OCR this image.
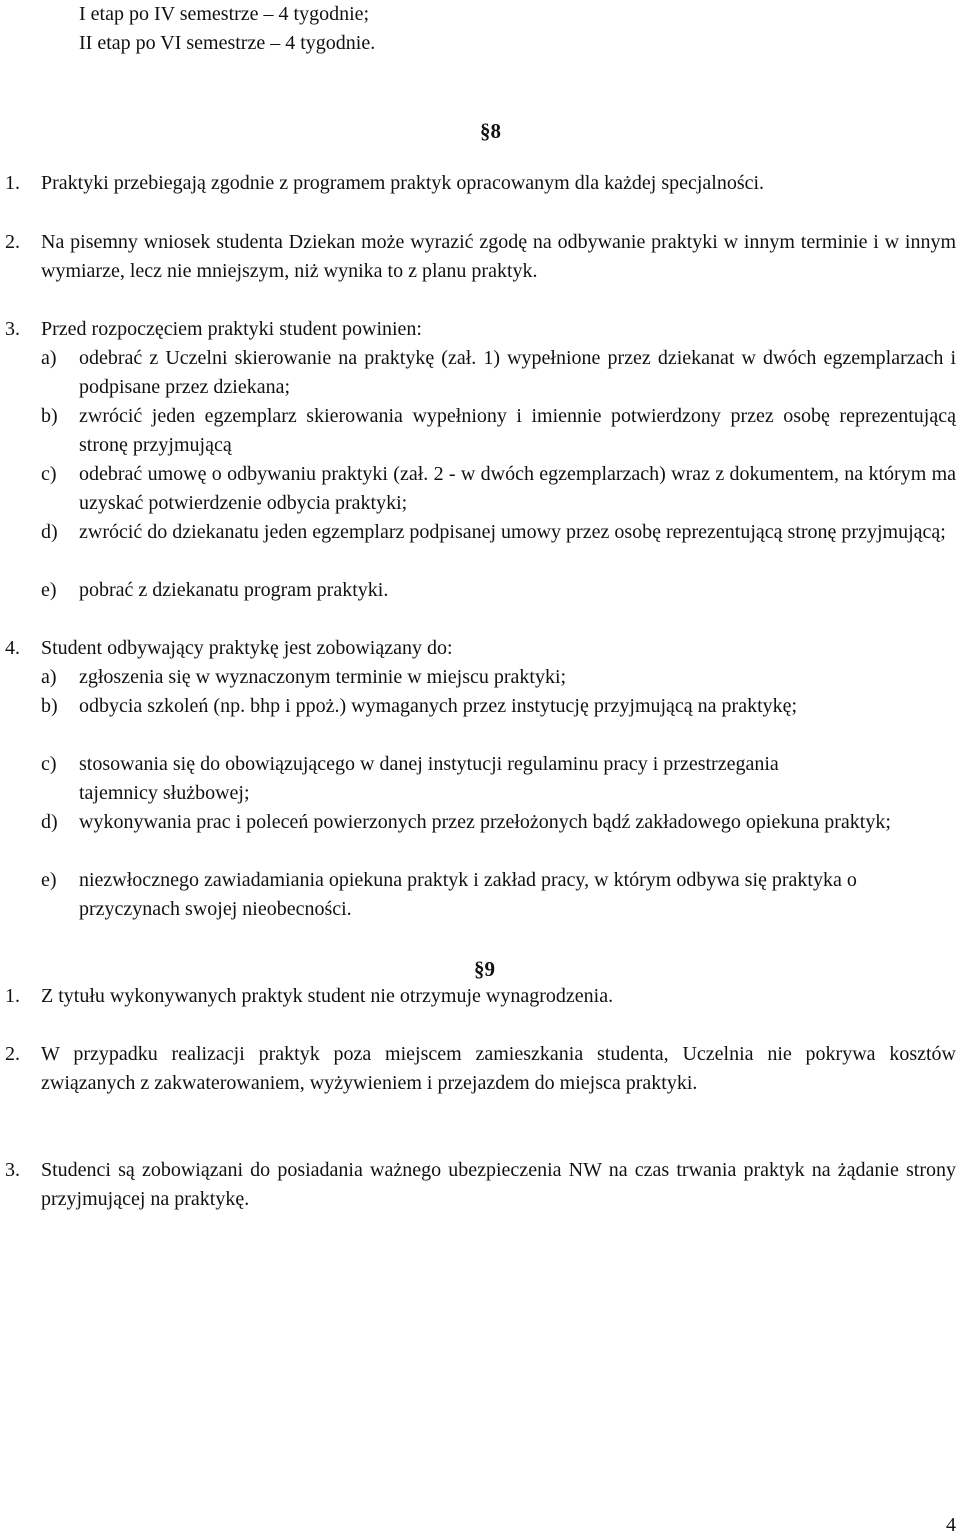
I etap po IV semestrze – 4 tygodnie;
II etap po VI semestrze – 4 tygodnie.
§8
1. Praktyki przebiegają zgodnie z programem praktyk opracowanym dla każdej specjalności.
2. Na pisemny wniosek studenta Dziekan może wyrazić zgodę na odbywanie praktyki w innym terminie i w innym wymiarze, lecz nie mniejszym, niż wynika to z planu praktyk.
3. Przed rozpoczęciem praktyki student powinien:
a)	odebrać z Uczelni skierowanie na praktykę (zał. 1) wypełnione przez dziekanat w dwóch egzemplarzach i podpisane przez dziekana;
b)	zwrócić jeden egzemplarz skierowania wypełniony i imiennie potwierdzony przez osobę reprezentującą stronę przyjmującą
c)	odebrać umowę o odbywaniu praktyki (zał. 2 - w dwóch egzemplarzach) wraz z dokumentem, na którym ma uzyskać potwierdzenie odbycia praktyki;
d)	zwrócić do dziekanatu jeden egzemplarz podpisanej umowy przez osobę reprezentującą stronę przyjmującą;
e)	pobrać z dziekanatu program praktyki.
4. Student odbywający praktykę jest zobowiązany do:
a)	zgłoszenia się w wyznaczonym terminie w miejscu praktyki;
b)	odbycia szkoleń (np. bhp i ppoż.) wymaganych przez instytucję przyjmującą na praktykę;
c)	stosowania się do obowiązującego w danej instytucji regulaminu pracy i przestrzegania tajemnicy służbowej;
d)	wykonywania prac i poleceń powierzonych przez przełożonych bądź zakładowego opiekuna praktyk;
e)	niezwłocznego zawiadamiania opiekuna praktyk i zakład pracy, w którym odbywa się praktyka o przyczynach swojej nieobecności.
§9
1. Z tytułu wykonywanych praktyk student nie otrzymuje wynagrodzenia.
2. W przypadku realizacji praktyk poza miejscem zamieszkania studenta, Uczelnia nie pokrywa kosztów związanych z zakwaterowaniem, wyżywieniem i przejazdem do miejsca praktyki.
3. Studenci są zobowiązani do posiadania ważnego ubezpieczenia NW na czas trwania praktyk na żądanie strony przyjmującej na praktykę.
4
